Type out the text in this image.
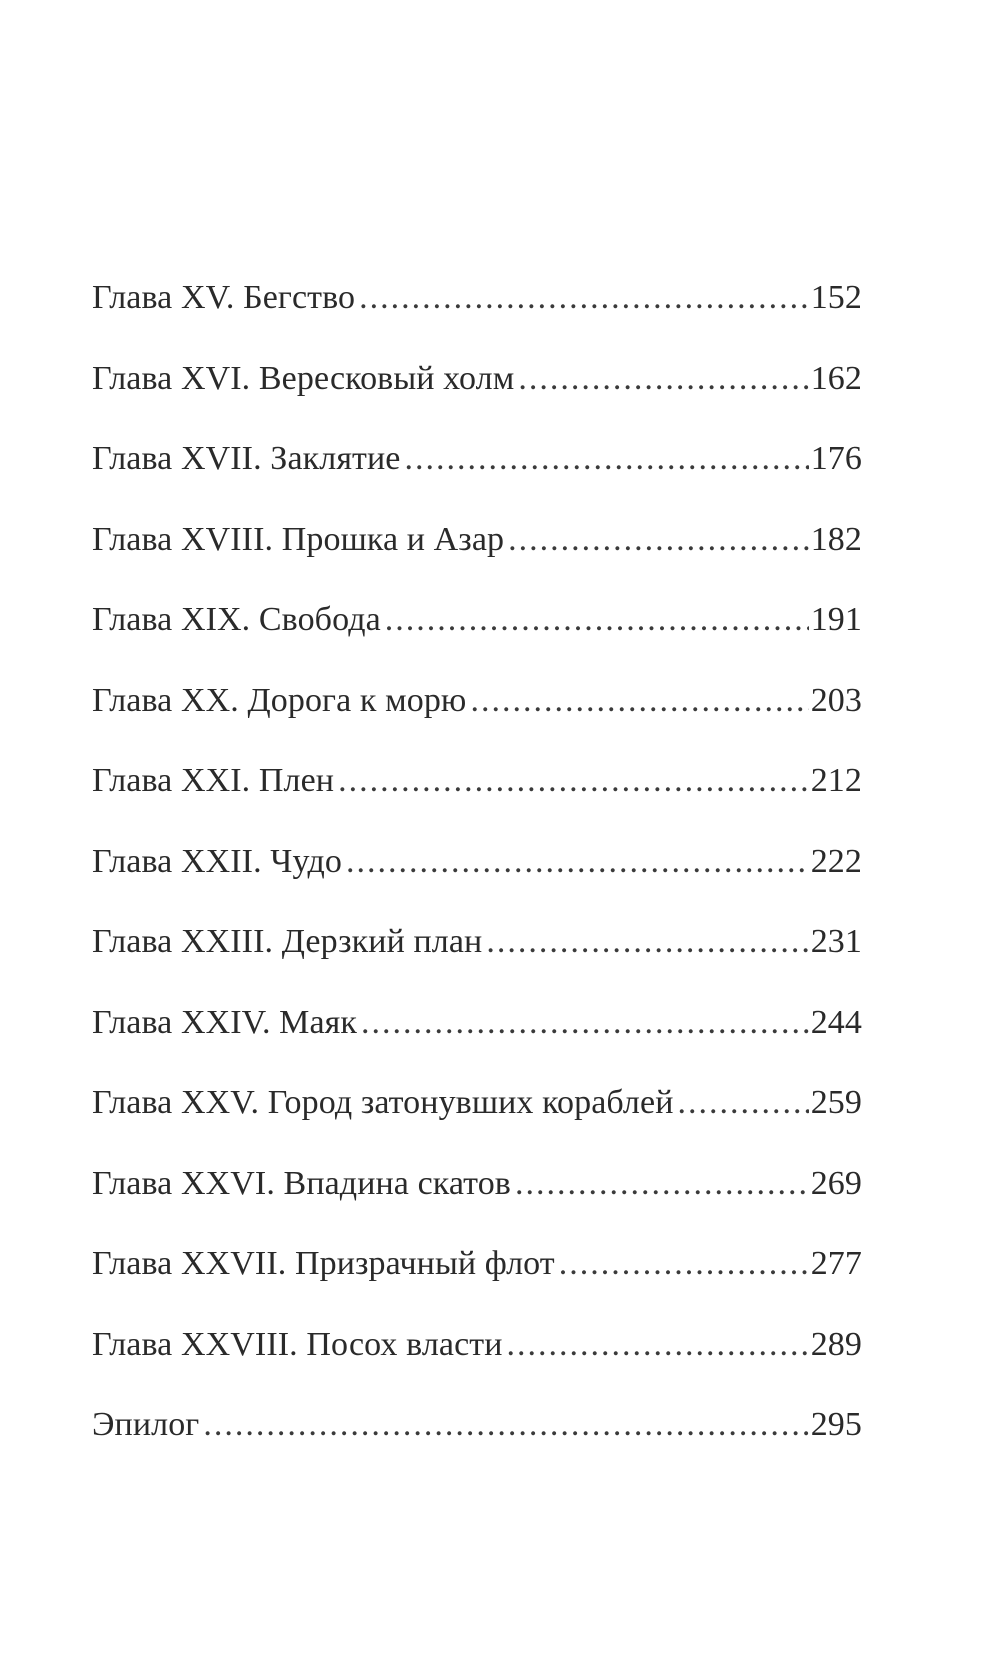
Глава XV. Бегство .....	152
Глава XVI. Вересковый холм .....	162
Глава XVII. Заклятие .....	176
Глава XVIII. Прошка и Азар .....	182
Глава XIX. Свобода .....	191
Глава XX. Дорога к морю .....	203
Глава XXI. Плен .....	212
Глава XXII. Чудо .....	222
Глава XXIII. Дерзкий план .....	231
Глава XXIV. Маяк .....	244
Глава XXV. Город затонувших кораблей .....	259
Глава XXVI. Впадина скатов .....	269
Глава XXVII. Призрачный флот .....	277
Глава XXVIII. Посох власти .....	289
Эпилог .....	295
